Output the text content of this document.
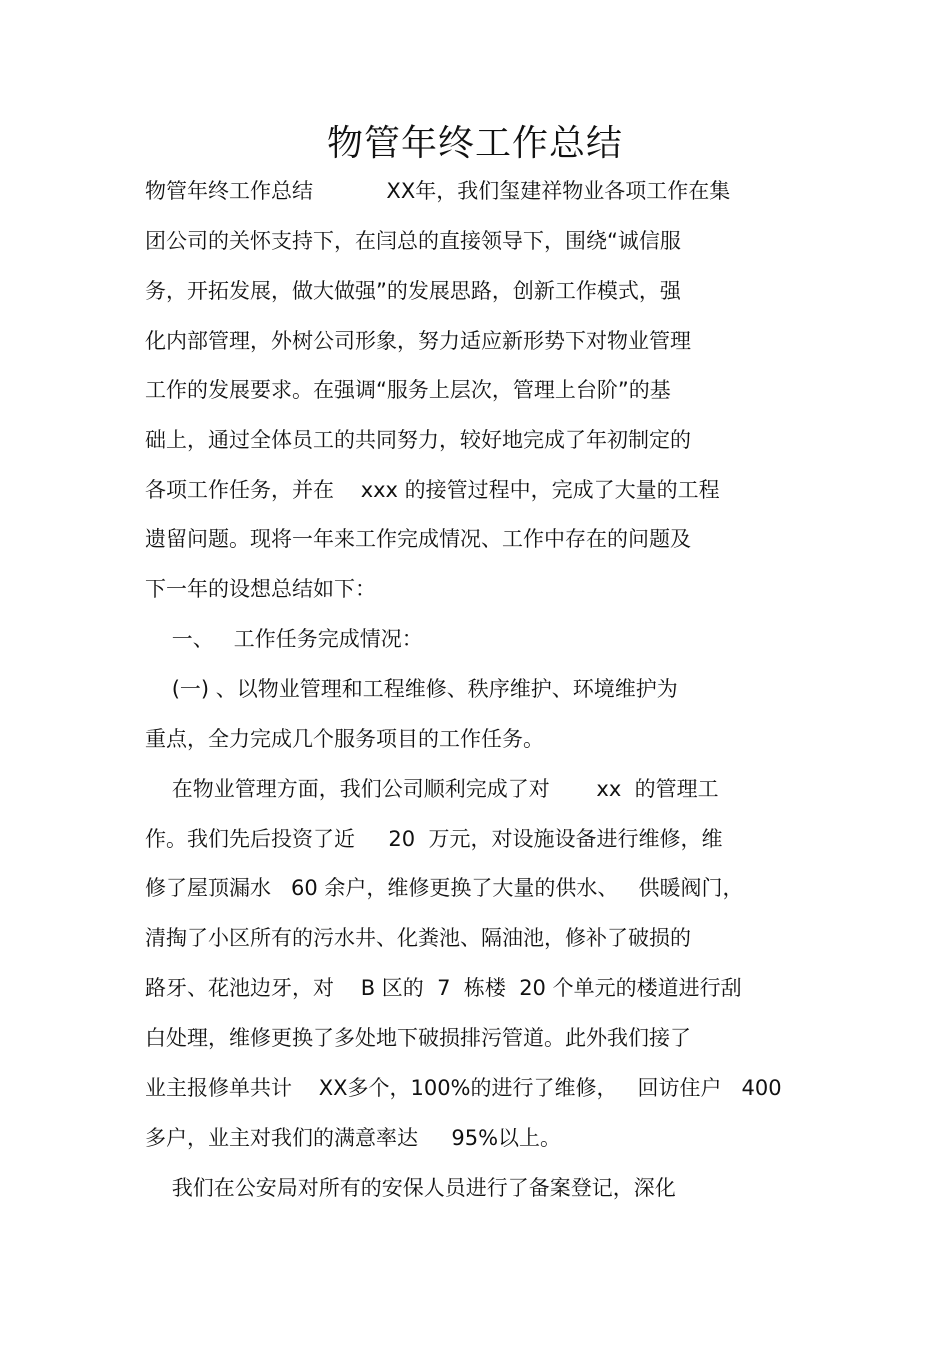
物管年终工作总结
物管年终工作总结           XX年，我们玺建祥物业各项工作在集
团公司的关怀支持下，在闫总的直接领导下，围绕“诚信服
务，开拓发展，做大做强”的发展思路，创新工作模式，强
化内部管理，外树公司形象，努力适应新形势下对物业管理
工作的发展要求。在强调“服务上层次，管理上台阶”的基
础上，通过全体员工的共同努力，较好地完成了年初制定的
各项工作任务，并在    xxx 的接管过程中，完成了大量的工程
遗留问题。现将一年来工作完成情况、工作中存在的问题及
下一年的设想总结如下：
一、   工作任务完成情况：
(一) 、以物业管理和工程维修、秩序维护、环境维护为
重点，全力完成几个服务项目的工作任务。
在物业管理方面，我们公司顺利完成了对       xx  的管理工
作。我们先后投资了近     20  万元，对设施设备进行维修，维
修了屋顶漏水   60 余户，维修更换了大量的供水、   供暖阀门，
清掏了小区所有的污水井、化粪池、隔油池，修补了破损的
路牙、花池边牙，对    B 区的  7  栋楼  20 个单元的楼道进行刮
白处理，维修更换了多处地下破损排污管道。此外我们接了
业主报修单共计    XX多个，100%的进行了维修，   回访住户   400
多户，业主对我们的满意率达     95%以上。
我们在公安局对所有的安保人员进行了备案登记，深化
